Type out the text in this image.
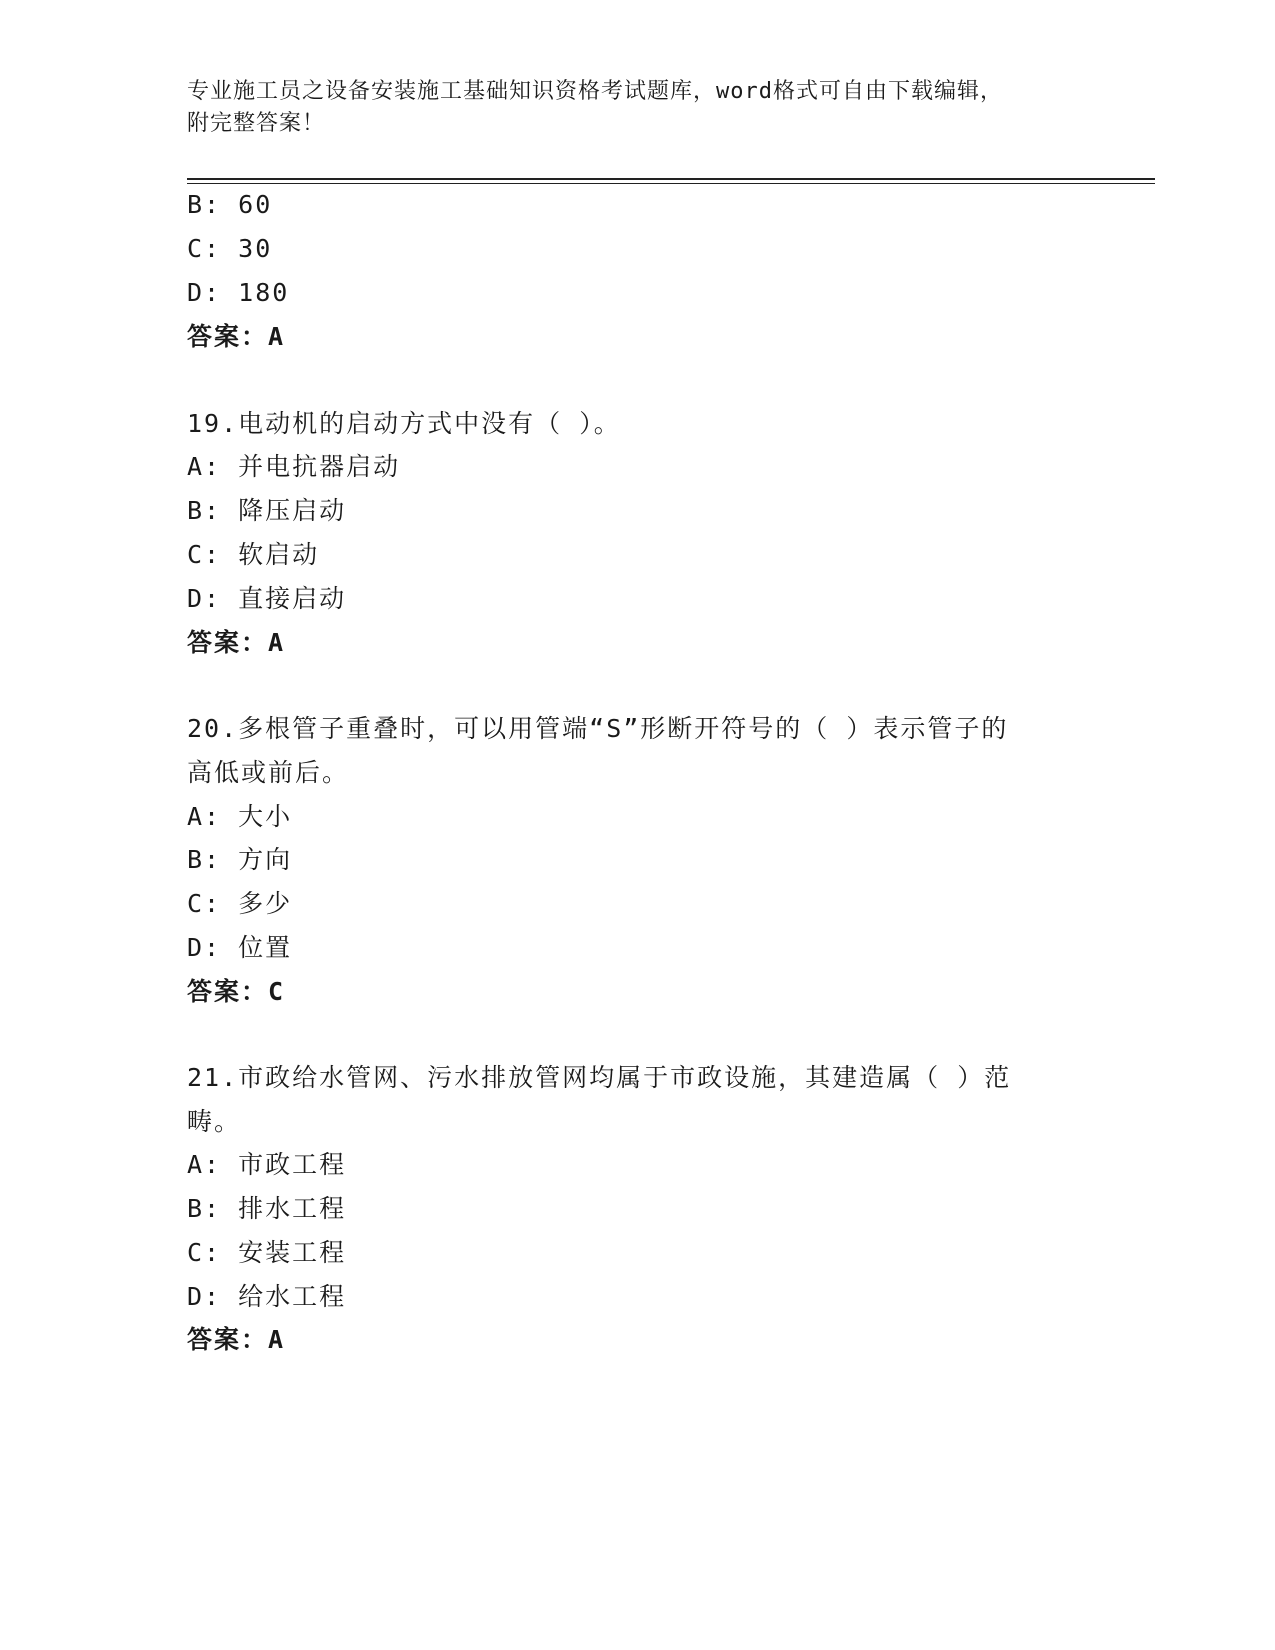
专业施工员之设备安装施工基础知识资格考试题库，word格式可自由下载编辑，
附完整答案！
B: 60
C: 30
D: 180
答案：A
19.电动机的启动方式中没有（ ）。
A: 并电抗器启动
B: 降压启动
C: 软启动
D: 直接启动
答案：A
20.多根管子重叠时，可以用管端“S”形断开符号的（ ）表示管子的
高低或前后。
A: 大小
B: 方向
C: 多少
D: 位置
答案：C
21.市政给水管网、污水排放管网均属于市政设施，其建造属（ ）范
畴。
A: 市政工程
B: 排水工程
C: 安装工程
D: 给水工程
答案：A
